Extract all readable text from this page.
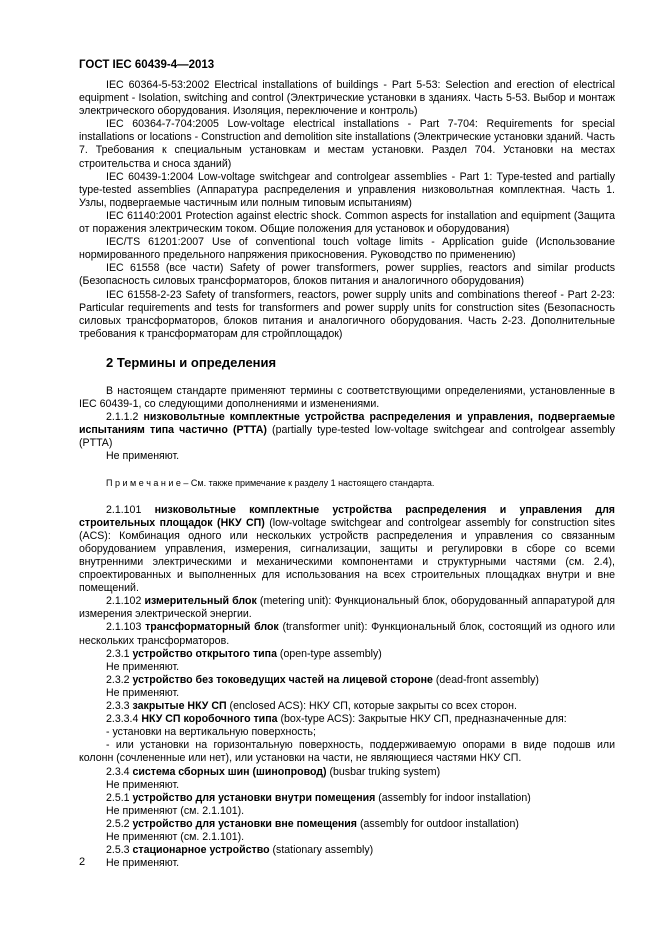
ГОСТ IEC 60439-4—2013

IEC 60364-5-53:2002 Electrical installations of buildings - Part 5-53: Selection and erection of electrical equipment - Isolation, switching and control (Электрические установки в зданиях. Часть 5-53. Выбор и монтаж электрического оборудования. Изоляция, переключение и контроль)

IEC 60364-7-704:2005 Low-voltage electrical installations - Part 7-704: Requirements for special installations or locations - Construction and demolition site installations (Электрические установки зданий. Часть 7. Требования к специальным установкам и местам установки. Раздел 704. Установки на местах строительства и сноса зданий)

IEC 60439-1:2004 Low-voltage switchgear and controlgear assemblies - Part 1: Type-tested and partially type-tested assemblies (Аппаратура распределения и управления низковольтная комплектная. Часть 1. Узлы, подвергаемые частичным или полным типовым испытаниям)

IEC 61140:2001 Protection against electric shock. Common aspects for installation and equipment (Защита от поражения электрическим током. Общие положения для установок и оборудования)

IEC/TS 61201:2007 Use of conventional touch voltage limits - Application guide (Использование нормированного предельного напряжения прикосновения. Руководство по применению)

IEC 61558 (все части) Safety of power transformers, power supplies, reactors and similar products (Безопасность силовых трансформаторов, блоков питания и аналогичного оборудования)

IEC 61558-2-23 Safety of transformers, reactors, power supply units and combinations thereof - Part 2-23: Particular requirements and tests for transformers and power supply units for construction sites (Безопасность силовых трансформаторов, блоков питания и аналогичного оборудования. Часть 2-23. Дополнительные требования к трансформаторам для стройплощадок)

2 Термины и определения

В настоящем стандарте применяют термины с соответствующими определениями, установленные в IEC 60439-1, со следующими дополнениями и изменениями.

2.1.1.2 низковольтные комплектные устройства распределения и управления, подвергаемые испытаниям типа частично (PTTA) (partially type-tested low-voltage switchgear and controlgear assembly (PTTA)

Не применяют.

П р и м е ч а н и е – См. также примечание к разделу 1 настоящего стандарта.

2.1.101 низковольтные комплектные устройства распределения и управления для строительных площадок (НКУ СП) (low-voltage switchgear and controlgear assembly for construction sites (ACS): Комбинация одного или нескольких устройств распределения и управления со связанным оборудованием управления, измерения, сигнализации, защиты и регулировки в сборе со всеми внутренними электрическими и механическими компонентами и структурными частями (см. 2.4), спроектированных и выполненных для использования на всех строительных площадках внутри и вне помещений.

2.1.102 измерительный блок (metering unit): Функциональный блок, оборудованный аппаратурой для измерения электрической энергии.

2.1.103 трансформаторный блок (transformer unit): Функциональный блок, состоящий из одного или нескольких трансформаторов.

2.3.1 устройство открытого типа (open-type assembly)

Не применяют.

2.3.2 устройство без токоведущих частей на лицевой стороне (dead-front assembly)

Не применяют.

2.3.3 закрытые НКУ СП (enclosed ACS): НКУ СП, которые закрыты со всех сторон.

2.3.3.4 НКУ СП коробочного типа (box-type ACS): Закрытые НКУ СП, предназначенные для:

- установки на вертикальную поверхность;

- или установки на горизонтальную поверхность, поддерживаемую опорами в виде подошв или колонн (сочлененные или нет), или установки на части, не являющиеся частями НКУ СП.

2.3.4 система сборных шин (шинопровод) (busbar truking system)

Не применяют.

2.5.1 устройство для установки внутри помещения (assembly for indoor installation)

Не применяют (см. 2.1.101).

2.5.2 устройство для установки вне помещения (assembly for outdoor installation)

Не применяют (см. 2.1.101).

2.5.3 стационарное устройство (stationary assembly)

Не применяют.

2
